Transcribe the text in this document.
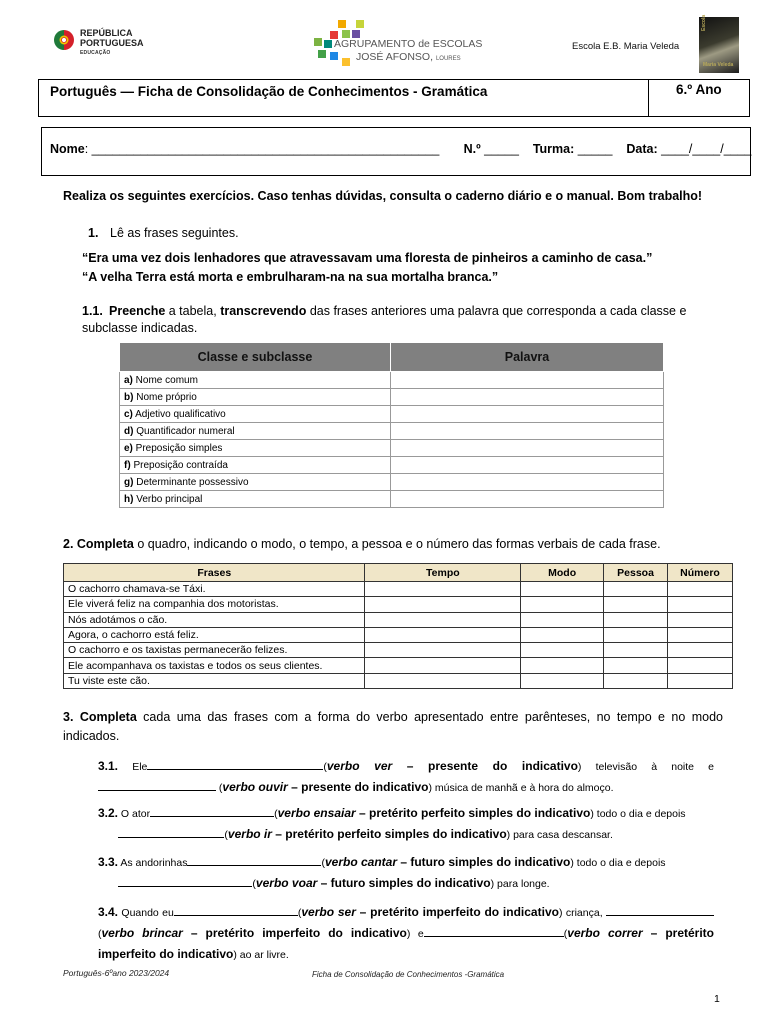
REPÚBLICA
PORTUGUESA
EDUCAÇÃO
AGRUPAMENTO de ESCOLAS
JOSÉ AFONSO, LOURES
Escola E.B. Maria Veleda
Escola
Maria Veleda
Português — Ficha de Consolidação de Conhecimentos - Gramática	6.º Ano
Nome: __________________________________________________ N.º _____ Turma: _____ Data: ____/____/____
Realiza os seguintes exercícios. Caso tenhas dúvidas, consulta o caderno diário e o manual. Bom trabalho!
1. Lê as frases seguintes.
“Era uma vez dois lenhadores que atravessavam uma floresta de pinheiros a caminho de casa.”
“A velha Terra está morta e embrulharam-na na sua mortalha branca.”
1.1. Preenche a tabela, transcrevendo das frases anteriores uma palavra que corresponda a cada classe e subclasse indicadas.
Classe e subclasse	Palavra
a) Nome comum	
b) Nome próprio	
c) Adjetivo qualificativo	
d) Quantificador numeral	
e) Preposição simples	
f) Preposição contraída	
g) Determinante possessivo	
h) Verbo principal	
2. Completa o quadro, indicando o modo, o tempo, a pessoa e o número das formas verbais de cada frase.
Frases	Tempo	Modo	Pessoa	Número
O cachorro chamava-se Táxi.				
Ele viverá feliz na companhia dos motoristas.				
Nós adotámos o cão.				
Agora, o cachorro está feliz.				
O cachorro e os taxistas permanecerão felizes.				
Ele acompanhava os taxistas e todos os seus clientes.				
Tu viste este cão.				
3. Completa cada uma das frases com a forma do verbo apresentado entre parênteses, no tempo e no modo indicados.
3.1. Ele	(verbo ver – presente do indicativo) televisão à noite e  (verbo ouvir – presente do indicativo) música de manhã e à hora do almoço.
3.2. O ator	(verbo ensaiar – pretérito perfeito simples do indicativo) todo o dia e depois
(verbo ir – pretérito perfeito simples do indicativo) para casa descansar.
3.3. As andorinhas	(verbo cantar – futuro simples do indicativo) todo o dia e depois
(verbo voar – futuro simples do indicativo) para longe.
3.4. Quando eu	(verbo ser – pretérito imperfeito do indicativo) criança,  (verbo brincar – pretérito imperfeito do indicativo) e	(verbo correr – pretérito imperfeito do indicativo) ao ar livre.
Português-6ºano 2023/2024	Ficha de Consolidação de Conhecimentos -Gramática
1
